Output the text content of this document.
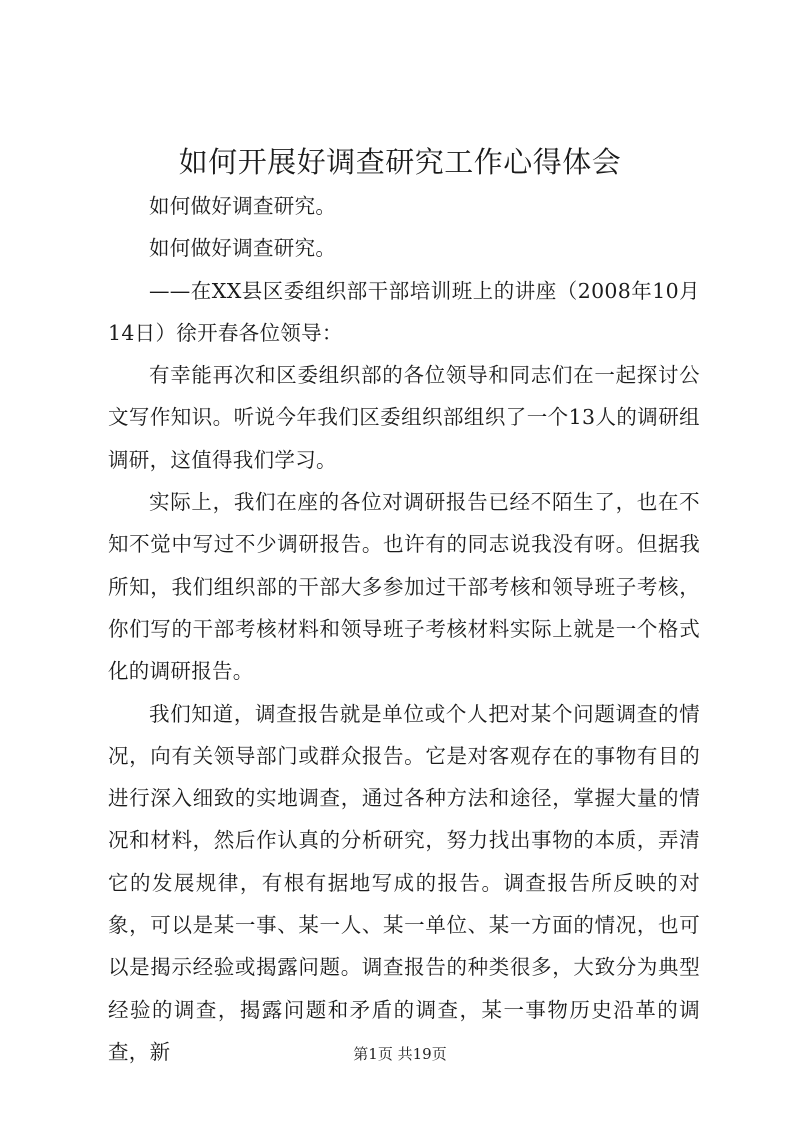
如何开展好调查研究工作心得体会

如何做好调查研究。

如何做好调查研究。

——在XX县区委组织部干部培训班上的讲座（2008年10月14日）徐开春各位领导：

有幸能再次和区委组织部的各位领导和同志们在一起探讨公文写作知识。听说今年我们区委组织部组织了一个13人的调研组调研，这值得我们学习。

实际上，我们在座的各位对调研报告已经不陌生了，也在不知不觉中写过不少调研报告。也许有的同志说我没有呀。但据我所知，我们组织部的干部大多参加过干部考核和领导班子考核，你们写的干部考核材料和领导班子考核材料实际上就是一个格式化的调研报告。

我们知道，调查报告就是单位或个人把对某个问题调查的情况，向有关领导部门或群众报告。它是对客观存在的事物有目的进行深入细致的实地调查，通过各种方法和途径，掌握大量的情况和材料，然后作认真的分析研究，努力找出事物的本质，弄清它的发展规律，有根有据地写成的报告。调查报告所反映的对象，可以是某一事、某一人、某一单位、某一方面的情况，也可以是揭示经验或揭露问题。调查报告的种类很多，大致分为典型经验的调查，揭露问题和矛盾的调查，某一事物历史沿革的调查，新	第1页 共19页
